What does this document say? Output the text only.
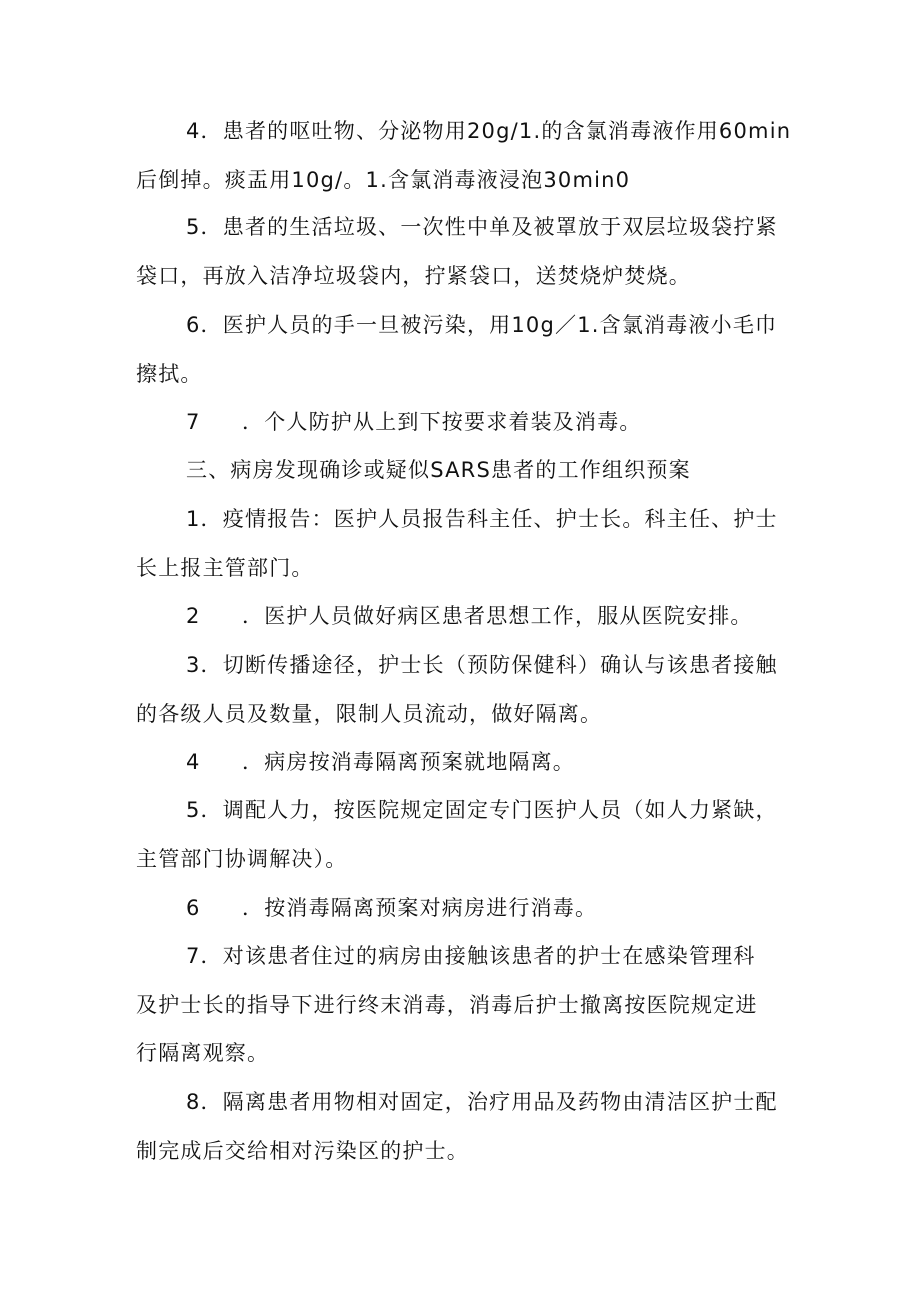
4．患者的呕吐物、分泌物用20g/1.的含氯消毒液作用60min
后倒掉。痰盂用10g/。1.含氯消毒液浸泡30min0
5．患者的生活垃圾、一次性中单及被罩放于双层垃圾袋拧紧
袋口，再放入洁净垃圾袋内，拧紧袋口，送焚烧炉焚烧。
6．医护人员的手一旦被污染，用10g／1.含氯消毒液小毛巾
擦拭。
7 ．个人防护从上到下按要求着装及消毒。
三、病房发现确诊或疑似SARS患者的工作组织预案
1．疫情报告：医护人员报告科主任、护士长。科主任、护士
长上报主管部门。
2 ．医护人员做好病区患者思想工作，服从医院安排。
3．切断传播途径，护士长（预防保健科）确认与该患者接触
的各级人员及数量，限制人员流动，做好隔离。
4 ．病房按消毒隔离预案就地隔离。
5．调配人力，按医院规定固定专门医护人员（如人力紧缺，
主管部门协调解决）。
6 ．按消毒隔离预案对病房进行消毒。
7．对该患者住过的病房由接触该患者的护士在感染管理科
及护士长的指导下进行终末消毒，消毒后护士撤离按医院规定进
行隔离观察。
8．隔离患者用物相对固定，治疗用品及药物由清洁区护士配
制完成后交给相对污染区的护士。
